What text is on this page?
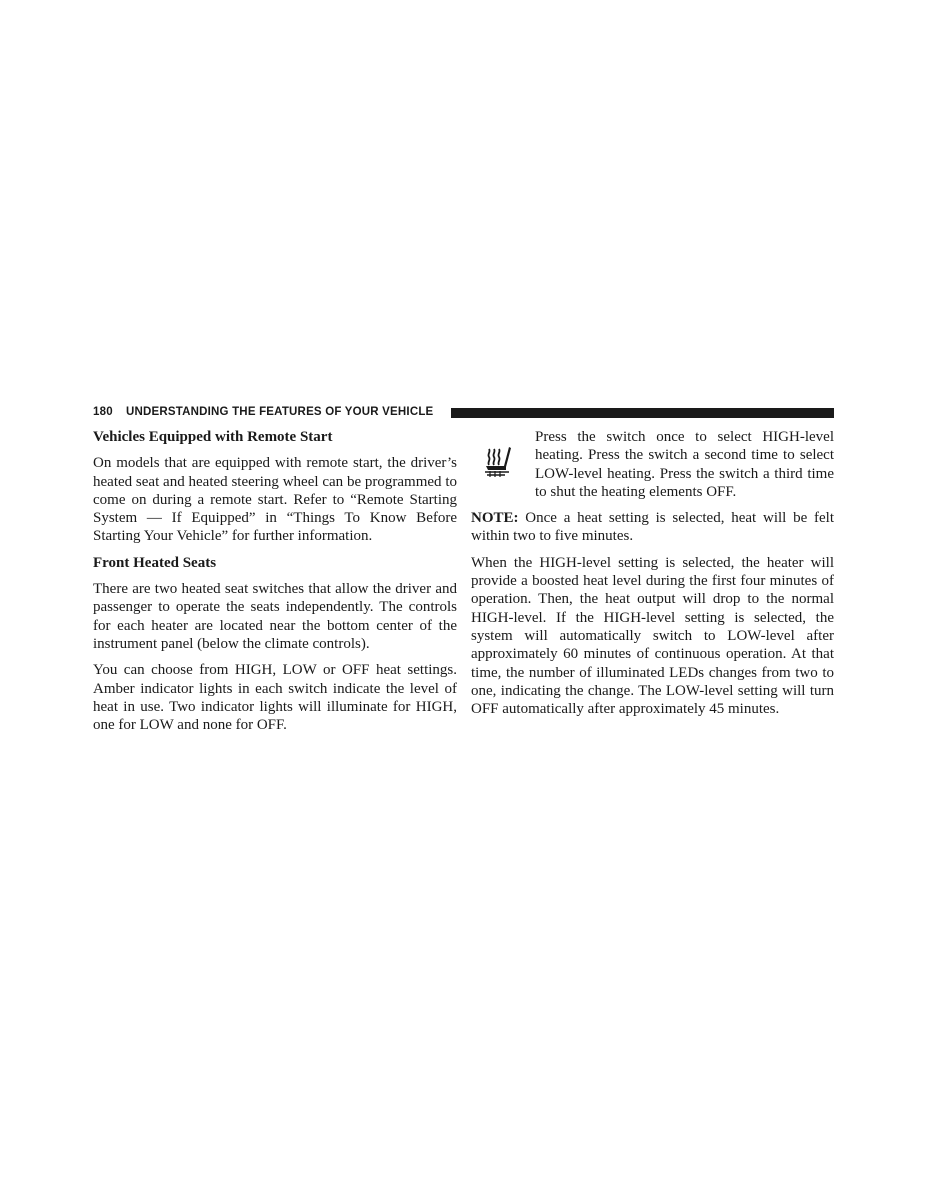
180 UNDERSTANDING THE FEATURES OF YOUR VEHICLE
Vehicles Equipped with Remote Start

On models that are equipped with remote start, the driver’s heated seat and heated steering wheel can be programmed to come on during a remote start. Refer to “Remote Starting System — If Equipped” in “Things To Know Before Starting Your Vehicle” for further information.

Front Heated Seats

There are two heated seat switches that allow the driver and passenger to operate the seats independently. The controls for each heater are located near the bottom center of the instrument panel (below the climate controls).

You can choose from HIGH, LOW or OFF heat settings. Amber indicator lights in each switch indicate the level of heat in use. Two indicator lights will illuminate for HIGH, one for LOW and none for OFF.

Press the switch once to select HIGH-level heating. Press the switch a second time to select LOW-level heating. Press the switch a third time to shut the heating elements OFF.

NOTE: Once a heat setting is selected, heat will be felt within two to five minutes.

When the HIGH-level setting is selected, the heater will provide a boosted heat level during the first four minutes of operation. Then, the heat output will drop to the normal HIGH-level. If the HIGH-level setting is selected, the system will automatically switch to LOW-level after approximately 60 minutes of continuous operation. At that time, the number of illuminated LEDs changes from two to one, indicating the change. The LOW-level setting will turn OFF automatically after approximately 45 minutes.
